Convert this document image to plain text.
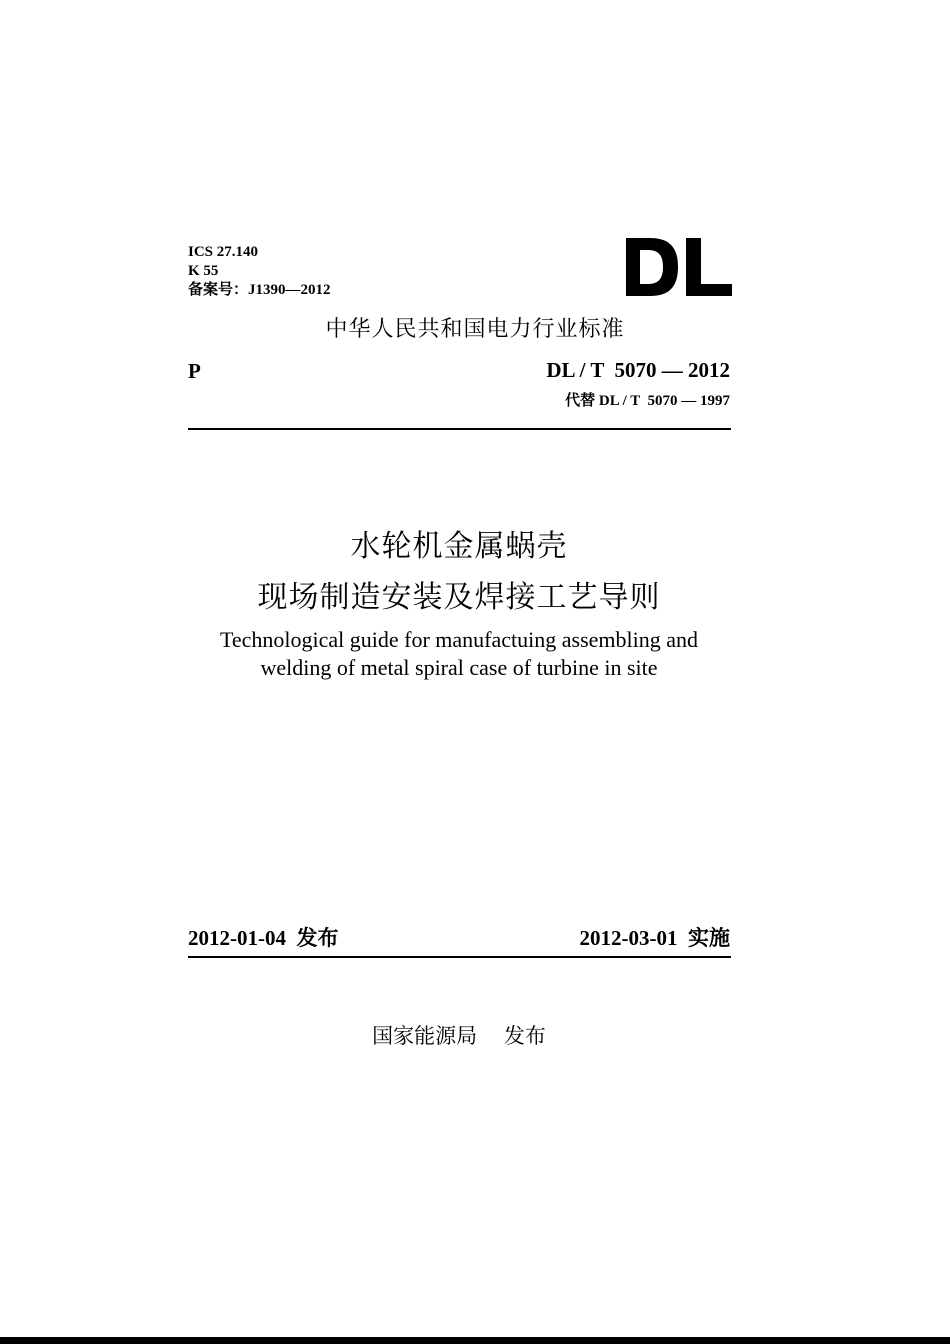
ICS 27.140
K 55
备案号：J1390—2012
中华人民共和国电力行业标准
P	DL / T  5070 — 2012
代替 DL / T  5070 — 1997
水轮机金属蜗壳
现场制造安装及焊接工艺导则
Technological guide for manufactuing assembling and
welding of metal spiral case of turbine in site
2012-01-04  发布	2012-03-01  实施
国家能源局    发布
